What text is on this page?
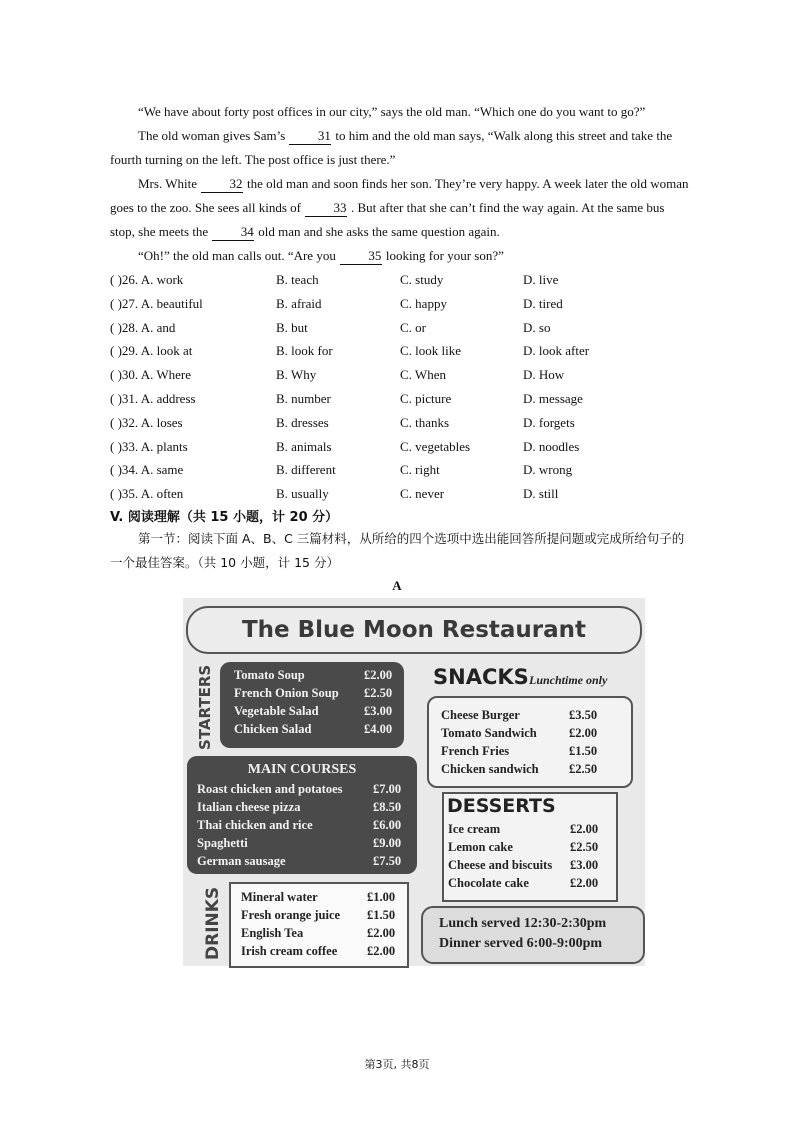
“We have about forty post offices in our city,” says the old man. “Which one do you want to go?”
The old woman gives Sam’s	31 to him and the old man says, “Walk along this street and take the fourth turning on the left. The post office is just there.”
Mrs. White	32 the old man and soon finds her son. They’re very happy. A week later the old woman goes to the zoo. She sees all kinds of	33 . But after that she can’t find the way again. At the same bus stop, she meets the	34 old man and she asks the same question again.
“Oh!” the old man calls out. “Are you	35 looking for your son?”
( )26. A. work	B. teach	C. study	D. live
( )27. A. beautiful	B. afraid	C. happy	D. tired
( )28. A. and	B. but	C. or	D. so
( )29. A. look at	B. look for	C. look like	D. look after
( )30. A. Where	B. Why	C. When	D. How
( )31. A. address	B. number	C. picture	D. message
( )32. A. loses	B. dresses	C. thanks	D. forgets
( )33. A. plants	B. animals	C. vegetables	D. noodles
( )34. A. same	B. different	C. right	D. wrong
( )35. A. often	B. usually	C. never	D. still
V. 阅读理解（共 15 小题，计 20 分）
第一节：阅读下面 A、B、C 三篇材料，从所给的四个选项中选出能回答所提问题或完成所给句子的一个最佳答案。（共 10 小题，计 15 分）
A
The Blue Moon Restaurant
STARTERS Tomato Soup	£2.00
French Onion Soup £2.50
Vegetable Salad	£3.00
Chicken Salad	£4.00
SNACKS Lunchtime only
Cheese Burger	£3.50
Tomato Sandwich	£2.00
French Fries	£1.50
Chicken sandwich £2.50
MAIN COURSES
Roast chicken and potatoes £7.00
Italian cheese pizza	£8.50
Thai chicken and rice	£6.00
Spaghetti	£9.00
German sausage	£7.50
DESSERTS
Ice cream	£2.00
Lemon cake	£2.50
Cheese and biscuits £3.00
Chocolate cake	£2.00
DRINKS Mineral water	£1.00
Fresh orange juice £1.50
English Tea	£2.00
Irish cream coffee £2.00
Lunch served 12:30-2:30pm
Dinner served 6:00-9:00pm
第3页, 共8页
